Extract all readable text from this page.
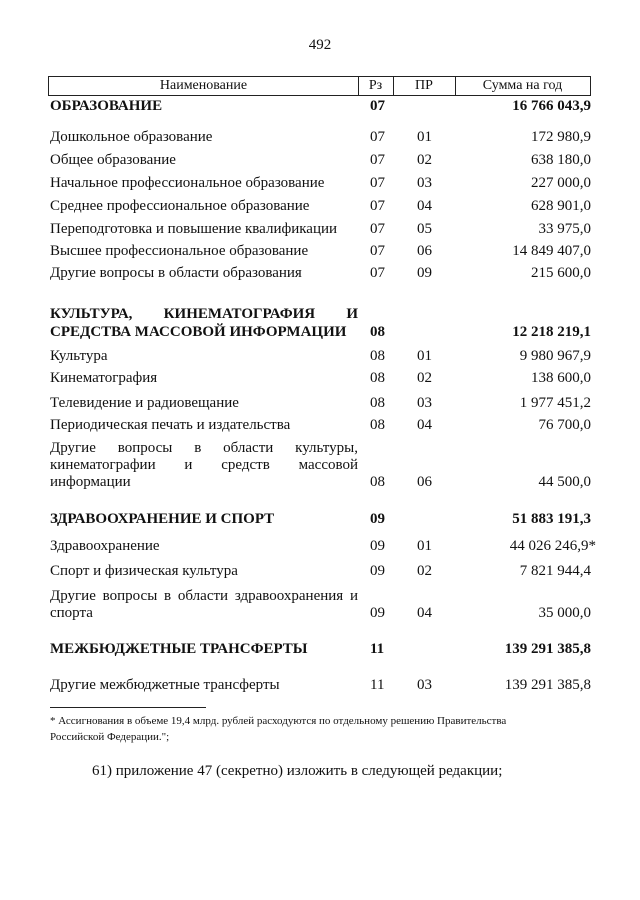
492
Наименование	Рз	ПР	Сумма на год
ОБРАЗОВАНИЕ	07	16 766 043,9
Дошкольное образование	07 01	172 980,9
Общее образование	07 02	638 180,0
Начальное профессиональное образование	07 03	227 000,0
Среднее профессиональное образование	07 04	628 901,0
Переподготовка и повышение квалификации	07 05	33 975,0
Высшее профессиональное образование	07 06	14 849 407,0
Другие вопросы в области образования	07 09	215 600,0
КУЛЬТУРА, КИНЕМАТОГРАФИЯ И
СРЕДСТВА МАССОВОЙ ИНФОРМАЦИИ	08	12 218 219,1
Культура	08 01	9 980 967,9
Кинематография	08 02	138 600,0
Телевидение и радиовещание	08 03	1 977 451,2
Периодическая печать и издательства	08 04	76 700,0
Другие вопросы в области культуры,
кинематографии и средств массовой
информации	08 06	44 500,0
ЗДРАВООХРАНЕНИЕ И СПОРТ	09	51 883 191,3
Здравоохранение	09 01	44 026 246,9*
Спорт и физическая культура	09 02	7 821 944,4
Другие вопросы в области здравоохранения и
спорта	09 04	35 000,0
МЕЖБЮДЖЕТНЫЕ ТРАНСФЕРТЫ	11	139 291 385,8
Другие межбюджетные трансферты	11 03	139 291 385,8
* Ассигнования в объеме 19,4 млрд. рублей расходуются по отдельному решению Правительства
Российской Федерации.";
61) приложение 47 (секретно) изложить в следующей редакции;
